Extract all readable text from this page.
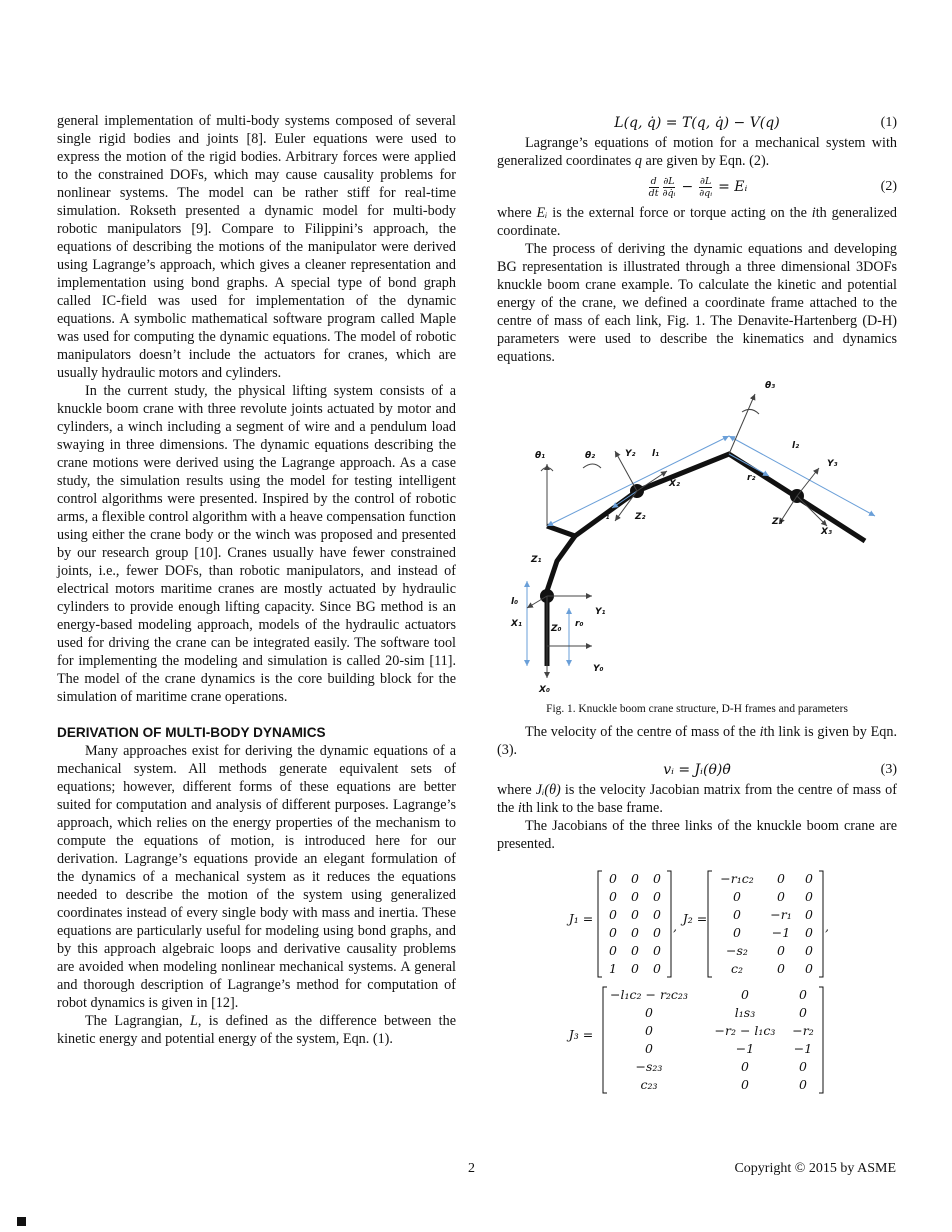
general implementation of multi-body systems composed of several single rigid bodies and joints [8]. Euler equations were used to express the motion of the rigid bodies. Arbitrary forces were applied to the constrained DOFs, which may cause causality problems for nonlinear systems. The model can be rather stiff for real-time simulation. Rokseth presented a dynamic model for multi-body robotic manipulators [9]. Compare to Filippini’s approach, the equations of describing the motions of the manipulator were derived using Lagrange’s approach, which gives a cleaner representation and implementation using bond graphs. A special type of bond graph called IC-field was used for implementation of the dynamic equations. A symbolic mathematical software program called Maple was used for computing the dynamic equations. The model of robotic manipulators doesn’t include the actuators for cranes, which are usually hydraulic motors and cylinders.

In the current study, the physical lifting system consists of a knuckle boom crane with three revolute joints actuated by motor and cylinders, a winch including a segment of wire and a pendulum load swaying in three dimensions. The dynamic equations describing the crane motions were derived using the Lagrange approach. As a case study, the simulation results using the model for testing intelligent control algorithms were presented. Inspired by the control of robotic arms, a flexible control algorithm with a heave compensation function using either the crane body or the winch was proposed and presented by our research group [10]. Cranes usually have fewer constrained joints, i.e., fewer DOFs, than robotic manipulators, and instead of electrical motors maritime cranes are mostly actuated by hydraulic cylinders to provide enough lifting capacity. Since BG method is an energy-based modeling approach, models of the hydraulic actuators used for driving the crane can be integrated easily. The software tool for implementing the modeling and simulation is called 20-sim [11]. The model of the crane dynamics is the core building block for the simulation of maritime crane operations.

DERIVATION OF MULTI-BODY DYNAMICS

Many approaches exist for deriving the dynamic equations of a mechanical system. All methods generate equivalent sets of equations; however, different forms of these equations are better suited for computation and analysis of different purposes. Lagrange’s approach, which relies on the energy properties of the mechanism to compute the equations of motion, is introduced here for our derivation. Lagrange’s equations provide an elegant formulation of the dynamics of a mechanical system as it reduces the equations needed to describe the motion of the system using generalized coordinates instead of every single body with mass and inertia. These equations are particularly useful for modeling using bond graphs, and by this approach algebraic loops and derivative causality problems are avoided when modeling nonlinear mechanical systems. A general and thorough description of Lagrange’s method for computation of robot dynamics is given in [12].

The Lagrangian, L, is defined as the difference between the kinetic energy and potential energy of the system, Eqn. (1).

L(q, q̇) = T(q, q̇) − V(q)	(1)

Lagrange’s equations of motion for a mechanical system with generalized coordinates q are given by Eqn. (2).

$\frac{d}{dt} \frac{\partial L}{\text{∂q̇ᵢ}} - \frac{\partial L}{\text{∂qᵢ}}$ = Eᵢ	(2)

where Eᵢ is the external force or torque acting on the ith generalized coordinate.

The process of deriving the dynamic equations and developing BG representation is illustrated through a three dimensional 3DOFs knuckle boom crane example. To calculate the kinetic and potential energy of the crane, we defined a coordinate frame attached to the centre of mass of each link, Fig. 1. The Denavite-Hartenberg (D-H) parameters were used to describe the kinematics and dynamics equations.

θ₁	θ₂
θ₃
Y₂ l₁
l₂
Y₃
X₂
r₂
r₁	Z₂	Z₃
X₃
Z₁
l₀
Y₁
X₁	Z₀ r₀
Y₀
X₀

Fig. 1. Knuckle boom crane structure, D-H frames and parameters

The velocity of the centre of mass of the ith link is given by Eqn. (3).

vᵢ = Jᵢ(θ)θ̇	(3)

where Jᵢ(θ) is the velocity Jacobian matrix from the centre of mass of the ith link to the base frame.

The Jacobians of the three links of the knuckle boom crane are presented.

J₁ =	J₂ =
J₃ =
,	,
0 0 0
0 0 0
0 0 0
0 0 0
0 0 0
1 0 0
−r₁c₂ 0 0
0	0 0
0 −r₁ 0
0 −1 0
−s₂ 0 0
c₂	0 0
−l₁c₂ − r₂c₂₃	0	0
0	l₁s₃	0
0	−r₂ − l₁c₃ −r₂
0	−1	−1
−s₂₃	0	0
c₂₃	0	0
2	Copyright © 2015 by ASME
